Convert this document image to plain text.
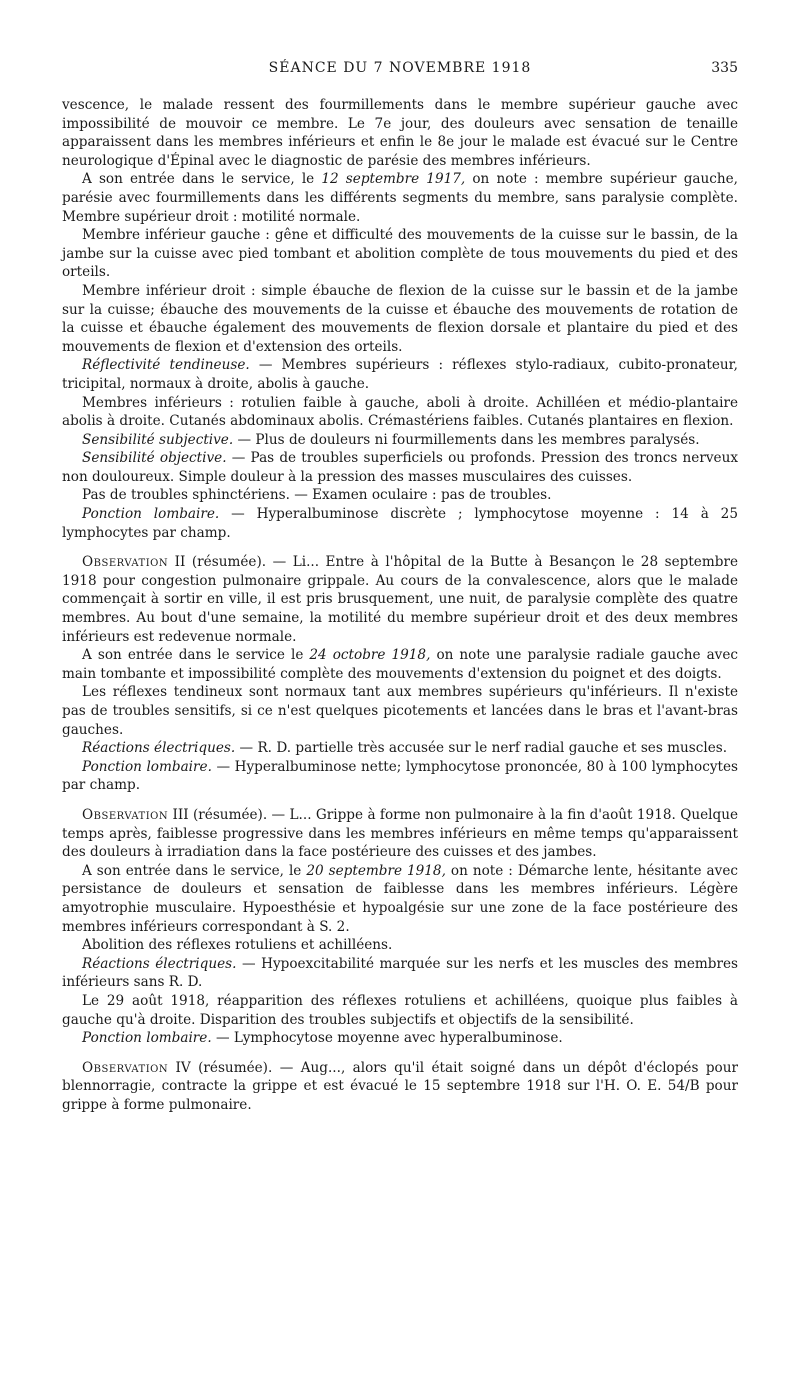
SÉANCE DU 7 NOVEMBRE 1918	335

vescence, le malade ressent des fourmillements dans le membre supérieur gauche avec impossibilité de mouvoir ce membre. Le 7e jour, des douleurs avec sensation de tenaille apparaissent dans les membres inférieurs et enfin le 8e jour le malade est évacué sur le Centre neurologique d'Épinal avec le diagnostic de parésie des membres inférieurs.

A son entrée dans le service, le 12 septembre 1917, on note : membre supérieur gauche, parésie avec fourmillements dans les différents segments du membre, sans paralysie complète. Membre supérieur droit : motilité normale.

Membre inférieur gauche : gêne et difficulté des mouvements de la cuisse sur le bassin, de la jambe sur la cuisse avec pied tombant et abolition complète de tous mouvements du pied et des orteils.

Membre inférieur droit : simple ébauche de flexion de la cuisse sur le bassin et de la jambe sur la cuisse; ébauche des mouvements de la cuisse et ébauche des mouvements de rotation de la cuisse et ébauche également des mouvements de flexion dorsale et plantaire du pied et des mouvements de flexion et d'extension des orteils.

Réflectivité tendineuse. — Membres supérieurs : réflexes stylo-radiaux, cubito-pronateur, tricipital, normaux à droite, abolis à gauche.

Membres inférieurs : rotulien faible à gauche, aboli à droite. Achilléen et médio-plantaire abolis à droite. Cutanés abdominaux abolis. Crémastériens faibles. Cutanés plantaires en flexion.

Sensibilité subjective. — Plus de douleurs ni fourmillements dans les membres paralysés.

Sensibilité objective. — Pas de troubles superficiels ou profonds. Pression des troncs nerveux non douloureux. Simple douleur à la pression des masses musculaires des cuisses.

Pas de troubles sphinctériens. — Examen oculaire : pas de troubles.

Ponction lombaire. — Hyperalbuminose discrète ; lymphocytose moyenne : 14 à 25 lymphocytes par champ.

Observation II (résumée). — Li... Entre à l'hôpital de la Butte à Besançon le 28 septembre 1918 pour congestion pulmonaire grippale. Au cours de la convalescence, alors que le malade commençait à sortir en ville, il est pris brusquement, une nuit, de paralysie complète des quatre membres. Au bout d'une semaine, la motilité du membre supérieur droit et des deux membres inférieurs est redevenue normale.

A son entrée dans le service le 24 octobre 1918, on note une paralysie radiale gauche avec main tombante et impossibilité complète des mouvements d'extension du poignet et des doigts.

Les réflexes tendineux sont normaux tant aux membres supérieurs qu'inférieurs. Il n'existe pas de troubles sensitifs, si ce n'est quelques picotements et lancées dans le bras et l'avant-bras gauches.

Réactions électriques. — R. D. partielle très accusée sur le nerf radial gauche et ses muscles.

Ponction lombaire. — Hyperalbuminose nette; lymphocytose prononcée, 80 à 100 lymphocytes par champ.

Observation III (résumée). — L... Grippe à forme non pulmonaire à la fin d'août 1918. Quelque temps après, faiblesse progressive dans les membres inférieurs en même temps qu'apparaissent des douleurs à irradiation dans la face postérieure des cuisses et des jambes.

A son entrée dans le service, le 20 septembre 1918, on note : Démarche lente, hésitante avec persistance de douleurs et sensation de faiblesse dans les membres inférieurs. Légère amyotrophie musculaire. Hypoesthésie et hypoalgésie sur une zone de la face postérieure des membres inférieurs correspondant à S. 2.

Abolition des réflexes rotuliens et achilléens.

Réactions électriques. — Hypoexcitabilité marquée sur les nerfs et les muscles des membres inférieurs sans R. D.

Le 29 août 1918, réapparition des réflexes rotuliens et achilléens, quoique plus faibles à gauche qu'à droite. Disparition des troubles subjectifs et objectifs de la sensibilité.

Ponction lombaire. — Lymphocytose moyenne avec hyperalbuminose.

Observation IV (résumée). — Aug..., alors qu'il était soigné dans un dépôt d'éclopés pour blennorragie, contracte la grippe et est évacué le 15 septembre 1918 sur l'H. O. E. 54/B pour grippe à forme pulmonaire.
